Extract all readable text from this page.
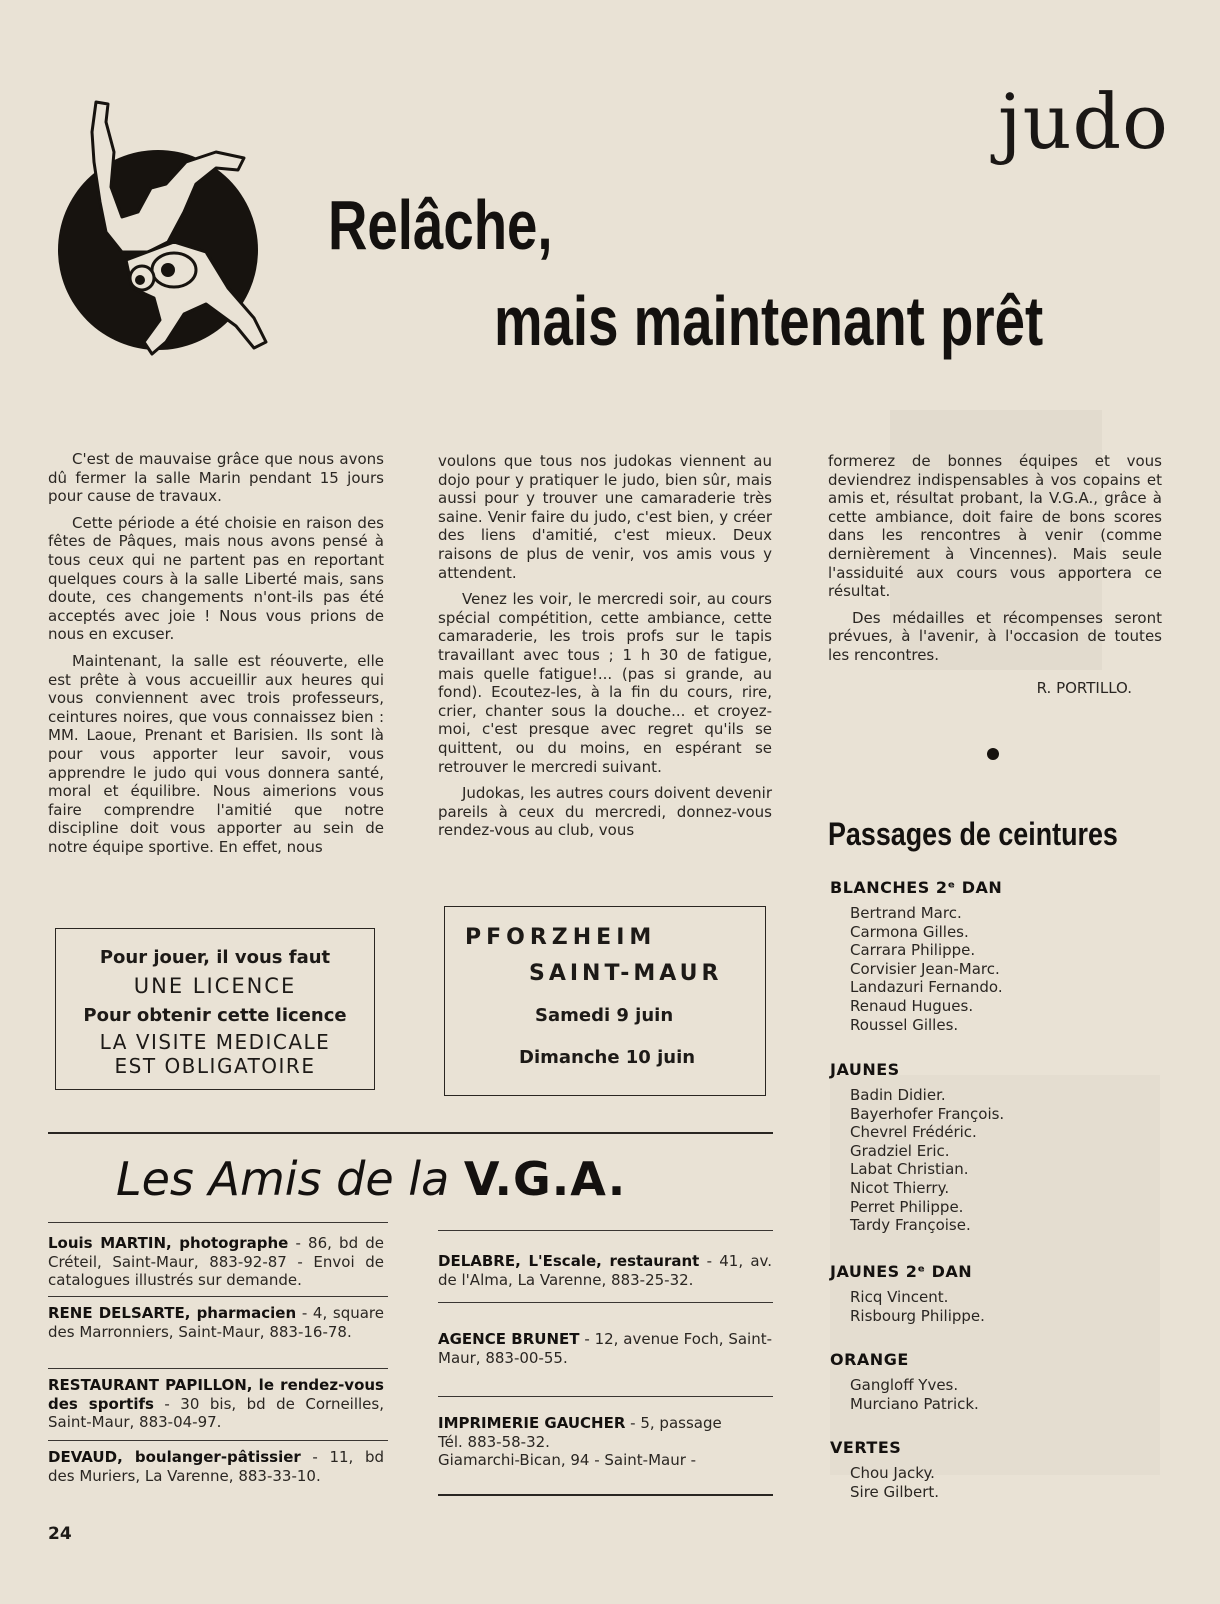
judo
Relâche,
mais maintenant prêt

C'est de mauvaise grâce que nous avons dû fermer la salle Marin pendant 15 jours pour cause de travaux.

Cette période a été choisie en raison des fêtes de Pâques, mais nous avons pensé à tous ceux qui ne partent pas en reportant quelques cours à la salle Liberté mais, sans doute, ces changements n'ont-ils pas été acceptés avec joie ! Nous vous prions de nous en excuser.

Maintenant, la salle est réouverte, elle est prête à vous accueillir aux heures qui vous conviennent avec trois professeurs, ceintures noires, que vous connaissez bien : MM. Laoue, Prenant et Barisien. Ils sont là pour vous apporter leur savoir, vous apprendre le judo qui vous donnera santé, moral et équilibre. Nous aimerions vous faire comprendre l'amitié que notre discipline doit vous apporter au sein de notre équipe sportive. En effet, nous

voulons que tous nos judokas viennent au dojo pour y pratiquer le judo, bien sûr, mais aussi pour y trouver une camaraderie très saine. Venir faire du judo, c'est bien, y créer des liens d'amitié, c'est mieux. Deux raisons de plus de venir, vos amis vous y attendent.

Venez les voir, le mercredi soir, au cours spécial compétition, cette ambiance, cette camaraderie, les trois profs sur le tapis travaillant avec tous ; 1 h 30 de fatigue, mais quelle fatigue!... (pas si grande, au fond). Ecoutez-les, à la fin du cours, rire, crier, chanter sous la douche... et croyez-moi, c'est presque avec regret qu'ils se quittent, ou du moins, en espérant se retrouver le mercredi suivant.

Judokas, les autres cours doivent devenir pareils à ceux du mercredi, donnez-vous rendez-vous au club, vous

formerez de bonnes équipes et vous deviendrez indispensables à vos copains et amis et, résultat probant, la V.G.A., grâce à cette ambiance, doit faire de bons scores dans les rencontres à venir (comme dernièrement à Vincennes). Mais seule l'assiduité aux cours vous apportera ce résultat.

Des médailles et récompenses seront prévues, à l'avenir, à l'occasion de toutes les rencontres.

R. PORTILLO.

Pour jouer, il vous faut
UNE LICENCE
Pour obtenir cette licence
LA VISITE MEDICALE
EST OBLIGATOIRE
PFORZHEIM
SAINT-MAUR
Samedi 9 juin
Dimanche 10 juin
Les Amis de la V.G.A.
Louis MARTIN, photographe - 86, bd de Créteil, Saint-Maur, 883-92-87 - Envoi de catalogues illustrés sur demande.
RENE DELSARTE, pharmacien - 4, square des Marronniers, Saint-Maur, 883-16-78.
RESTAURANT PAPILLON, le rendez-vous des sportifs - 30 bis, bd de Corneilles, Saint-Maur, 883-04-97.
DEVAUD, boulanger-pâtissier - 11, bd des Muriers, La Varenne, 883-33-10.
DELABRE, L'Escale, restaurant - 41, av. de l'Alma, La Varenne, 883-25-32.
AGENCE BRUNET - 12, avenue Foch, Saint-Maur, 883-00-55.
IMPRIMERIE GAUCHER - 5, passage
Tél. 883-58-32.
Giamarchi-Bican, 94 - Saint-Maur -
Passages de ceintures
BLANCHES 2ᵉ DAN
Bertrand Marc.
Carmona Gilles.
Carrara Philippe.
Corvisier Jean-Marc.
Landazuri Fernando.
Renaud Hugues.
Roussel Gilles.
JAUNES
Badin Didier.
Bayerhofer François.
Chevrel Frédéric.
Gradziel Eric.
Labat Christian.
Nicot Thierry.
Perret Philippe.
Tardy Françoise.
JAUNES 2ᵉ DAN
Ricq Vincent.
Risbourg Philippe.
ORANGE
Gangloff Yves.
Murciano Patrick.
VERTES
Chou Jacky.
Sire Gilbert.
24
